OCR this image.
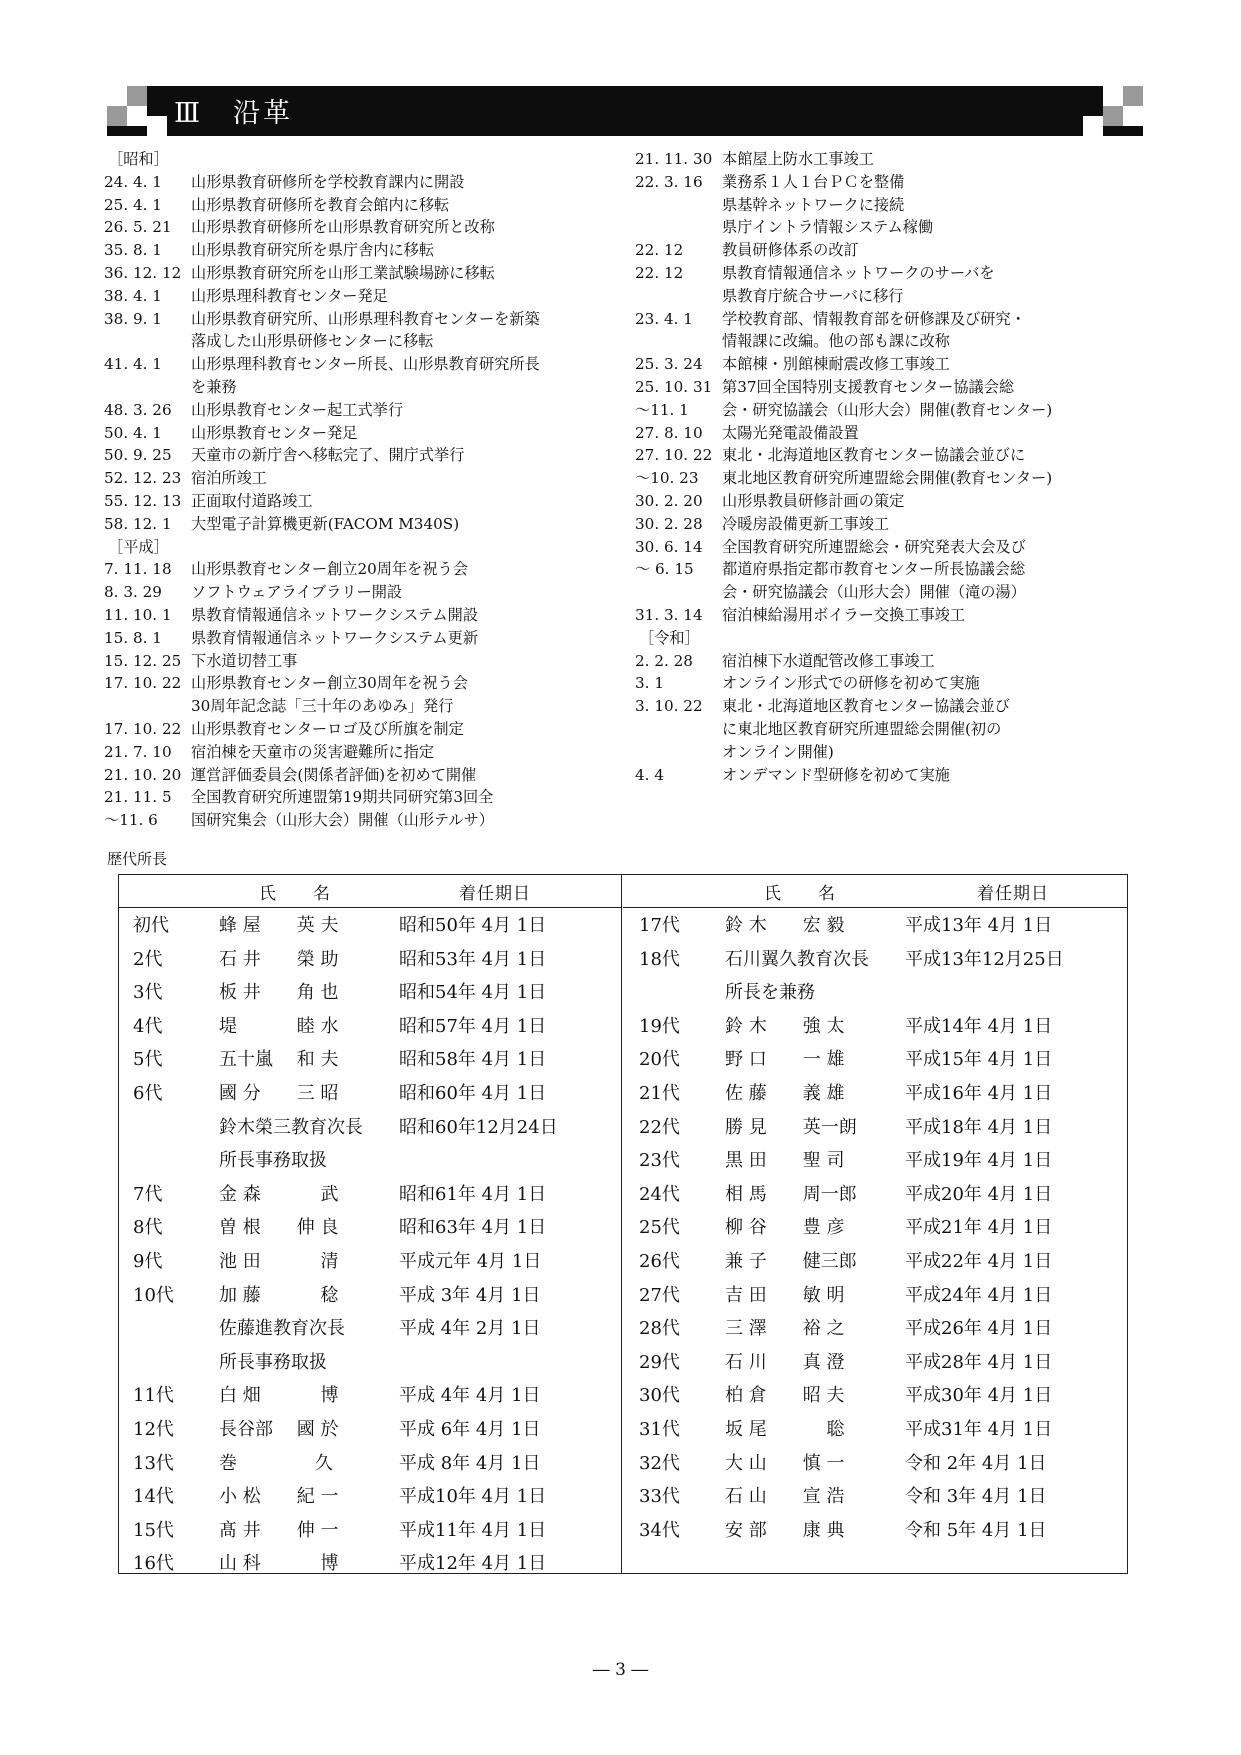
Ⅲ　沿革
［昭和］
24. 4. 1	山形県教育研修所を学校教育課内に開設
25. 4. 1	山形県教育研修所を教育会館内に移転
26. 5. 21	山形県教育研修所を山形県教育研究所と改称
35. 8. 1	山形県教育研究所を県庁舎内に移転
36. 12. 12 山形県教育研究所を山形工業試験場跡に移転
38. 4. 1	山形県理科教育センター発足
38. 9. 1	山形県教育研究所、山形県理科教育センターを新築
落成した山形県研修センターに移転
41. 4. 1	山形県理科教育センター所長、山形県教育研究所長
を兼務
48. 3. 26	山形県教育センター起工式挙行
50. 4. 1	山形県教育センター発足
50. 9. 25	天童市の新庁舎へ移転完了、開庁式挙行
52. 12. 23 宿泊所竣工
55. 12. 13 正面取付道路竣工
58. 12. 1	大型電子計算機更新(FACOM M340S)
［平成］
7. 11. 18	山形県教育センター創立20周年を祝う会
8. 3. 29	ソフトウェアライブラリー開設
11. 10. 1	県教育情報通信ネットワークシステム開設
15. 8. 1	県教育情報通信ネットワークシステム更新
15. 12. 25 下水道切替工事
17. 10. 22 山形県教育センター創立30周年を祝う会
30周年記念誌「三十年のあゆみ」発行
17. 10. 22 山形県教育センターロゴ及び所旗を制定
21. 7. 10	宿泊棟を天童市の災害避難所に指定
21. 10. 20 運営評価委員会(関係者評価)を初めて開催
21. 11. 5	全国教育研究所連盟第19期共同研究第3回全
～11. 6	国研究集会（山形大会）開催（山形テルサ）
21. 11. 30 本館屋上防水工事竣工
22. 3. 16	業務系１人１台ＰＣを整備
県基幹ネットワークに接続
県庁イントラ情報システム稼働
22. 12	教員研修体系の改訂
22. 12	県教育情報通信ネットワークのサーバを
県教育庁統合サーバに移行
23. 4. 1	学校教育部、情報教育部を研修課及び研究・
情報課に改編。他の部も課に改称
25. 3. 24	本館棟・別館棟耐震改修工事竣工
25. 10. 31 第37回全国特別支援教育センター協議会総
～11. 1	会・研究協議会（山形大会）開催(教育センター)
27. 8. 10	太陽光発電設備設置
27. 10. 22 東北・北海道地区教育センター協議会並びに
～10. 23	東北地区教育研究所連盟総会開催(教育センター)
30. 2. 20	山形県教員研修計画の策定
30. 2. 28	冷暖房設備更新工事竣工
30. 6. 14	全国教育研究所連盟総会・研究発表大会及び
～ 6. 15	都道府県指定都市教育センター所長協議会総
会・研究協議会（山形大会）開催（滝の湯）
31. 3. 14	宿泊棟給湯用ボイラー交換工事竣工
［令和］
2. 2. 28	宿泊棟下水道配管改修工事竣工
3. 1	オンライン形式での研修を初めて実施
3. 10. 22	東北・北海道地区教育センター協議会並び
に東北地区教育研究所連盟総会開催(初の
オンライン開催)
4. 4	オンデマンド型研修を初めて実施
歴代所長
氏　　名	着任期日	氏　　名	着任期日
初代	蜂 屋　　英 夫	昭和50年 4月 1日
2代	石 井　　榮 助	昭和53年 4月 1日
3代	板 井　　角 也	昭和54年 4月 1日
4代	堤　　　 睦 水	昭和57年 4月 1日
5代	五十嵐　 和 夫	昭和58年 4月 1日
6代	國 分　　三 昭	昭和60年 4月 1日
鈴木榮三教育次長 昭和60年12月24日
所長事務取扱
7代	金 森　　　 武	昭和61年 4月 1日
8代	曽 根　　伸 良	昭和63年 4月 1日
9代	池 田　　　 清	平成元年 4月 1日
10代	加 藤　　　 稔	平成 3年 4月 1日
佐藤進教育次長	平成 4年 2月 1日
所長事務取扱
11代	白 畑　　　 博	平成 4年 4月 1日
12代	長谷部　 國 於	平成 6年 4月 1日
13代	巻　　　　 久	平成 8年 4月 1日
14代	小 松　　紀 一	平成10年 4月 1日
15代	髙 井　　伸 一	平成11年 4月 1日
16代	山 科　　　 博	平成12年 4月 1日
17代	鈴 木　　宏 毅	平成13年 4月 1日
18代	石川翼久教育次長 平成13年12月25日
所長を兼務
19代	鈴 木　　強 太	平成14年 4月 1日
20代	野 口　　一 雄	平成15年 4月 1日
21代	佐 藤　　義 雄	平成16年 4月 1日
22代	勝 見　　英一朗	平成18年 4月 1日
23代	黒 田　　聖 司	平成19年 4月 1日
24代	相 馬　　周一郎	平成20年 4月 1日
25代	柳 谷　　豊 彦	平成21年 4月 1日
26代	兼 子　　健三郎	平成22年 4月 1日
27代	吉 田　　敏 明	平成24年 4月 1日
28代	三 澤　　裕 之	平成26年 4月 1日
29代	石 川　　真 澄	平成28年 4月 1日
30代	柏 倉　　昭 夫	平成30年 4月 1日
31代	坂 尾　　　 聡	平成31年 4月 1日
32代	大 山　　慎 一	令和 2年 4月 1日
33代	石 山　　宣 浩	令和 3年 4月 1日
34代	安 部　　康 典	令和 5年 4月 1日
― 3 ―
